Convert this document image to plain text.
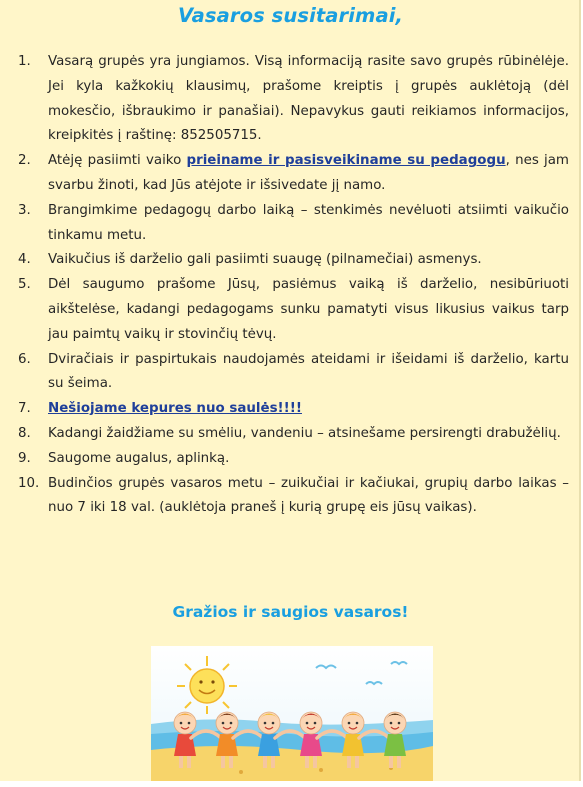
Vasaros susitarimai,
1.	Vasarą grupės yra jungiamos. Visą informaciją rasite savo grupės rūbinėlėje. Jei kyla kažkokių klausimų, prašome kreiptis į grupės auklėtoją (dėl mokesčio, išbraukimo ir panašiai). Nepavykus gauti reikiamos informacijos, kreipkitės į raštinę: 852505715.
2.	Atėję pasiimti vaiko prieiname ir pasisveikiname su pedagogu, nes jam svarbu žinoti, kad Jūs atėjote ir išsivedate jį namo.
3.	Brangimkime pedagogų darbo laiką – stenkimės nevėluoti atsiimti vaikučio tinkamu metu.
4.	Vaikučius iš darželio gali pasiimti suaugę (pilnamečiai) asmenys.
5.	Dėl saugumo prašome Jūsų, pasiėmus vaiką iš darželio, nesibūriuoti aikštelėse, kadangi pedagogams sunku pamatyti visus likusius vaikus tarp jau paimtų vaikų ir stovinčių tėvų.
6.	Dviračiais ir paspirtukais naudojamės ateidami ir išeidami iš darželio, kartu su šeima.
7.	Nešiojame kepures nuo saulės!!!!
8.	Kadangi žaidžiame su smėliu, vandeniu – atsinešame persirengti drabužėlių.
9.	Saugome augalus, aplinką.
10. Budinčios grupės vasaros metu – zuikučiai ir kačiukai, grupių darbo laikas – nuo 7 iki 18 val. (auklėtoja praneš į kurią grupę eis jūsų vaikas).
Gražios ir saugios vasaros!
